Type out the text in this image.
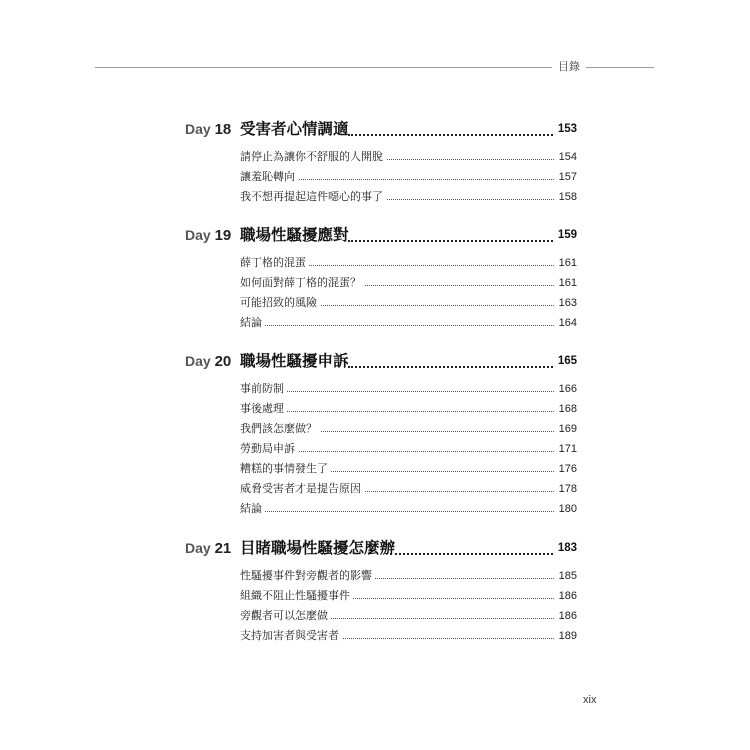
目錄
Day 18 受害者心情調適	153
請停止為讓你不舒服的人開脫	154
讓羞恥轉向	157
我不想再提起這件噁心的事了	158
Day 19 職場性騷擾應對	159
薛丁格的混蛋	161
如何面對薛丁格的混蛋？	161
可能招致的風險	163
結論	164
Day 20 職場性騷擾申訴	165
事前防制	166
事後處理	168
我們該怎麼做？	169
勞動局申訴	171
糟糕的事情發生了	176
威脅受害者才是提告原因	178
結論	180
Day 21 目睹職場性騷擾怎麼辦	183
性騷擾事件對旁觀者的影響	185
組織不阻止性騷擾事件	186
旁觀者可以怎麼做	186
支持加害者與受害者	189
xix
